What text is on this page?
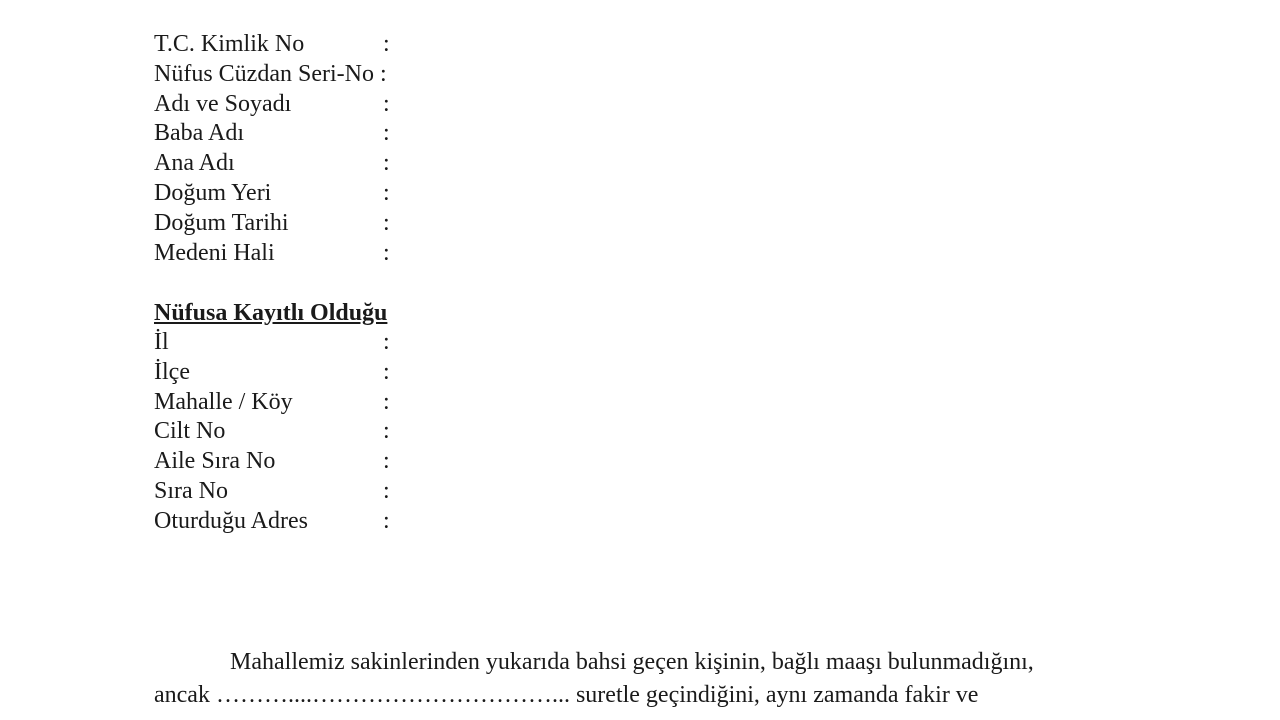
T.C. Kimlik No	:
Nüfus Cüzdan Seri-No :
Adı ve Soyadı	:
Baba Adı	:
Ana Adı	:
Doğum Yeri	:
Doğum Tarihi	:
Medeni Hali	:
Nüfusa Kayıtlı Olduğu
İl	:
İlçe	:
Mahalle / Köy	:
Cilt No	:
Aile Sıra No	:
Sıra No	:
Oturduğu Adres	:
Mahallemiz sakinlerinden yukarıda bahsi geçen kişinin, bağlı maaşı bulunmadığını,
ancak ………....…………………………... suretle geçindiğini, aynı zamanda fakir ve
